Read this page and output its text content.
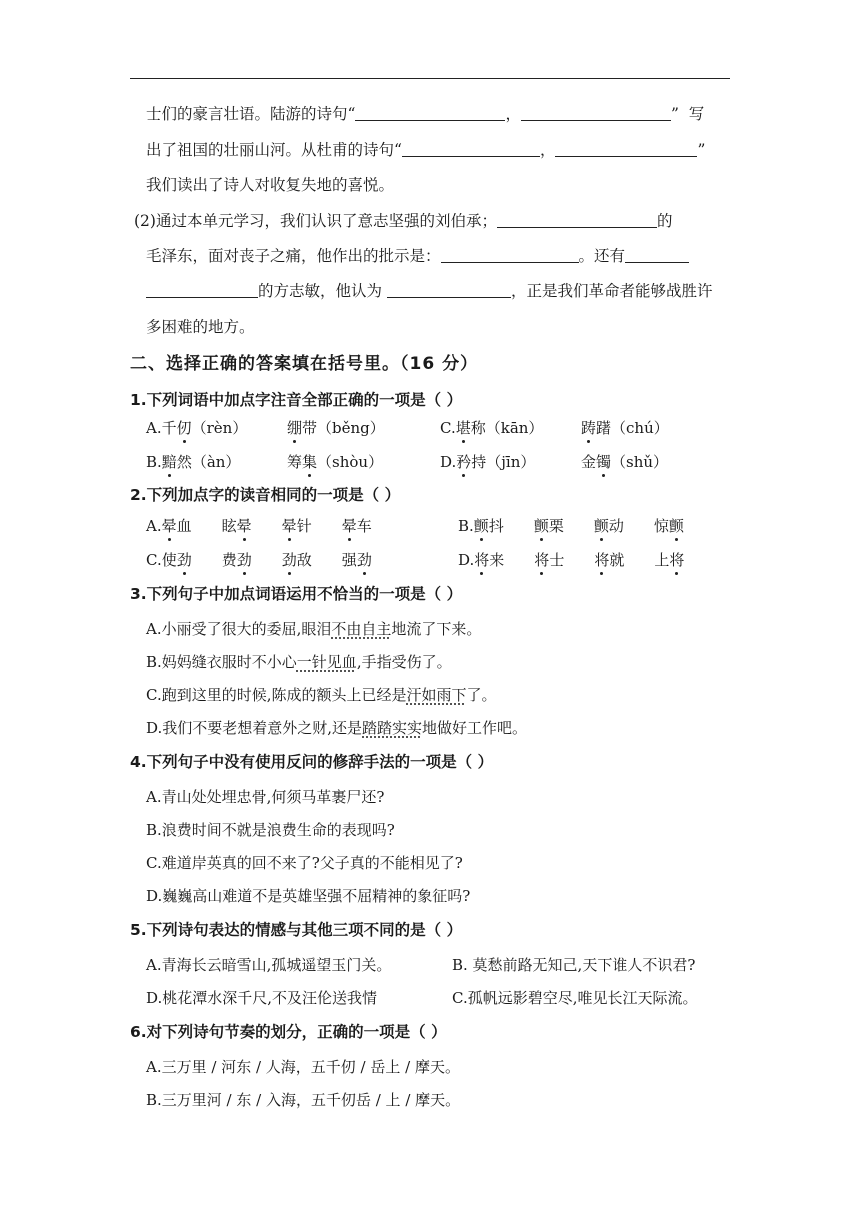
士们的豪言壮语。陆游的诗句“	，	”  写
出了祖国的壮丽山河。从杜甫的诗句“	，	”
我们读出了诗人对收复失地的喜悦。
(2)通过本单元学习，我们认识了意志坚强的刘伯承；	的
毛泽东，面对丧子之痛，他作出的批示是：	。还有
的方志敏，他认为	，正是我们革命者能够战胜许
多困难的地方。
二、选择正确的答案填在括号里。（16 分）
1.下列词语中加点字注音全部正确的一项是（ ）
A.千仞（rèn）	绷带（běng）	C.堪称（kān）	踌躇（chú）
B.黯然（àn）	筹集（shòu）	D.矜持（jīn）	金镯（shǔ）
2.下列加点字的读音相同的一项是（ ）
A.晕血 眩晕 晕针 晕车	B.颤抖 颤栗 颤动 惊颤
C.使劲 费劲 劲敌 强劲	D.将来 将士 将就 上将
3.下列句子中加点词语运用不恰当的一项是（ ）
A.小丽受了很大的委屈,眼泪不由自主地流了下来。
B.妈妈缝衣服时不小心一针见血,手指受伤了。
C.跑到这里的时候,陈成的额头上已经是汗如雨下了。
D.我们不要老想着意外之财,还是踏踏实实地做好工作吧。
4.下列句子中没有使用反问的修辞手法的一项是（ ）
A.青山处处埋忠骨,何须马革裹尸还?
B.浪费时间不就是浪费生命的表现吗?
C.难道岸英真的回不来了?父子真的不能相见了?
D.巍巍高山难道不是英雄坚强不屈精神的象征吗?
5.下列诗句表达的情感与其他三项不同的是（ ）
A.青海长云暗雪山,孤城遥望玉门关。	B. 莫愁前路无知己,天下谁人不识君?
D.桃花潭水深千尺,不及汪伦送我情	C.孤帆远影碧空尽,唯见长江天际流。
6.对下列诗句节奏的划分，正确的一项是（ ）
A.三万里 / 河东 / 人海，五千仞 / 岳上 / 摩天。
B.三万里河 / 东 / 入海，五千仞岳 / 上 / 摩天。
